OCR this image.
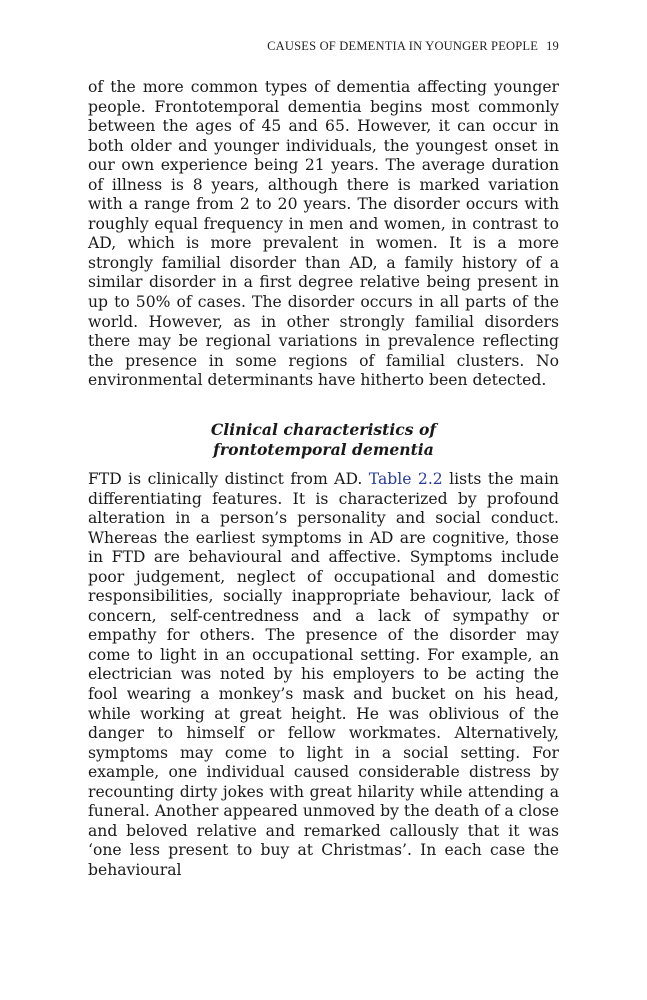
CAUSES OF DEMENTIA IN YOUNGER PEOPLE 19

of the more common types of dementia affecting younger people. Frontotemporal dementia begins most commonly between the ages of 45 and 65. However, it can occur in both older and younger individuals, the youngest onset in our own experience being 21 years. The average duration of illness is 8 years, although there is marked variation with a range from 2 to 20 years. The disorder occurs with roughly equal frequency in men and women, in contrast to AD, which is more prevalent in women. It is a more strongly familial disorder than AD, a family history of a similar disorder in a first degree relative being present in up to 50% of cases. The disorder occurs in all parts of the world. However, as in other strongly familial disorders there may be regional variations in prevalence reflecting the presence in some regions of familial clusters. No environmental determinants have hitherto been detected.

Clinical characteristics of
frontotemporal dementia

FTD is clinically distinct from AD. Table 2.2 lists the main differentiating features. It is characterized by profound alteration in a person’s personality and social conduct. Whereas the earliest symptoms in AD are cognitive, those in FTD are behavioural and affective. Symptoms include poor judgement, neglect of occupational and domestic responsibilities, socially inappropriate behaviour, lack of concern, self-centredness and a lack of sympathy or empathy for others. The presence of the disorder may come to light in an occupational setting. For example, an electrician was noted by his employers to be acting the fool wearing a monkey’s mask and bucket on his head, while working at great height. He was oblivious of the danger to himself or fellow workmates. Alternatively, symptoms may come to light in a social setting. For example, one individual caused considerable distress by recounting dirty jokes with great hilarity while attending a funeral. Another appeared unmoved by the death of a close and beloved relative and remarked callously that it was ‘one less present to buy at Christmas’. In each case the behavioural
